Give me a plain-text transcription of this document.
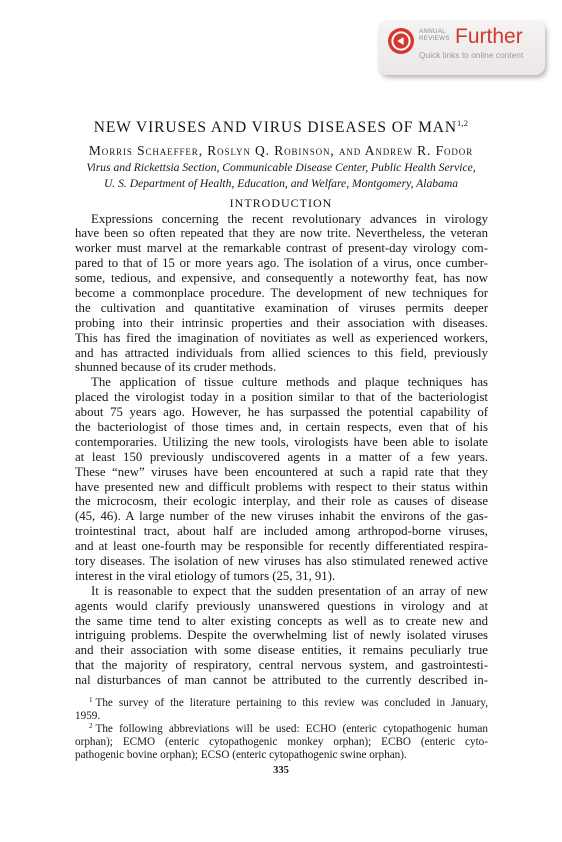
ANNUAL
REVIEWS Further
Quick links to online content
NEW VIRUSES AND VIRUS DISEASES OF MAN$^{1,2}$
Morris Schaeffer, Roslyn Q. Robinson, and Andrew R. Fodor
Virus and Rickettsia Section, Communicable Disease Center, Public Health Service,
U. S. Department of Health, Education, and Welfare, Montgomery, Alabama
INTRODUCTION
Expressions concerning the recent revolutionary advances in virology
have been so often repeated that they are now trite. Nevertheless, the veteran
worker must marvel at the remarkable contrast of present-day virology com-
pared to that of 15 or more years ago. The isolation of a virus, once cumber-
some, tedious, and expensive, and consequently a noteworthy feat, has now
become a commonplace procedure. The development of new techniques for
the cultivation and quantitative examination of viruses permits deeper
probing into their intrinsic properties and their association with diseases.
This has fired the imagination of novitiates as well as experienced workers,
and has attracted individuals from allied sciences to this field, previously
shunned because of its cruder methods.
The application of tissue culture methods and plaque techniques has
placed the virologist today in a position similar to that of the bacteriologist
about 75 years ago. However, he has surpassed the potential capability of
the bacteriologist of those times and, in certain respects, even that of his
contemporaries. Utilizing the new tools, virologists have been able to isolate
at least 150 previously undiscovered agents in a matter of a few years.
These “new” viruses have been encountered at such a rapid rate that they
have presented new and difficult problems with respect to their status within
the microcosm, their ecologic interplay, and their role as causes of disease
(45, 46). A large number of the new viruses inhabit the environs of the gas-
trointestinal tract, about half are included among arthropod-borne viruses,
and at least one-fourth may be responsible for recently differentiated respira-
tory diseases. The isolation of new viruses has also stimulated renewed active
interest in the viral etiology of tumors (25, 31, 91).
It is reasonable to expect that the sudden presentation of an array of new
agents would clarify previously unanswered questions in virology and at
the same time tend to alter existing concepts as well as to create new and
intriguing problems. Despite the overwhelming list of newly isolated viruses
and their association with some disease entities, it remains peculiarly true
that the majority of respiratory, central nervous system, and gastrointesti-
nal disturbances of man cannot be attributed to the currently described in-
$^1$ The survey of the literature pertaining to this review was concluded in January,
1959.
$^2$ The following abbreviations will be used: ECHO (enteric cytopathogenic human
orphan); ECMO (enteric cytopathogenic monkey orphan); ECBO (enteric cyto-
pathogenic bovine orphan); ECSO (enteric cytopathogenic swine orphan).
335
